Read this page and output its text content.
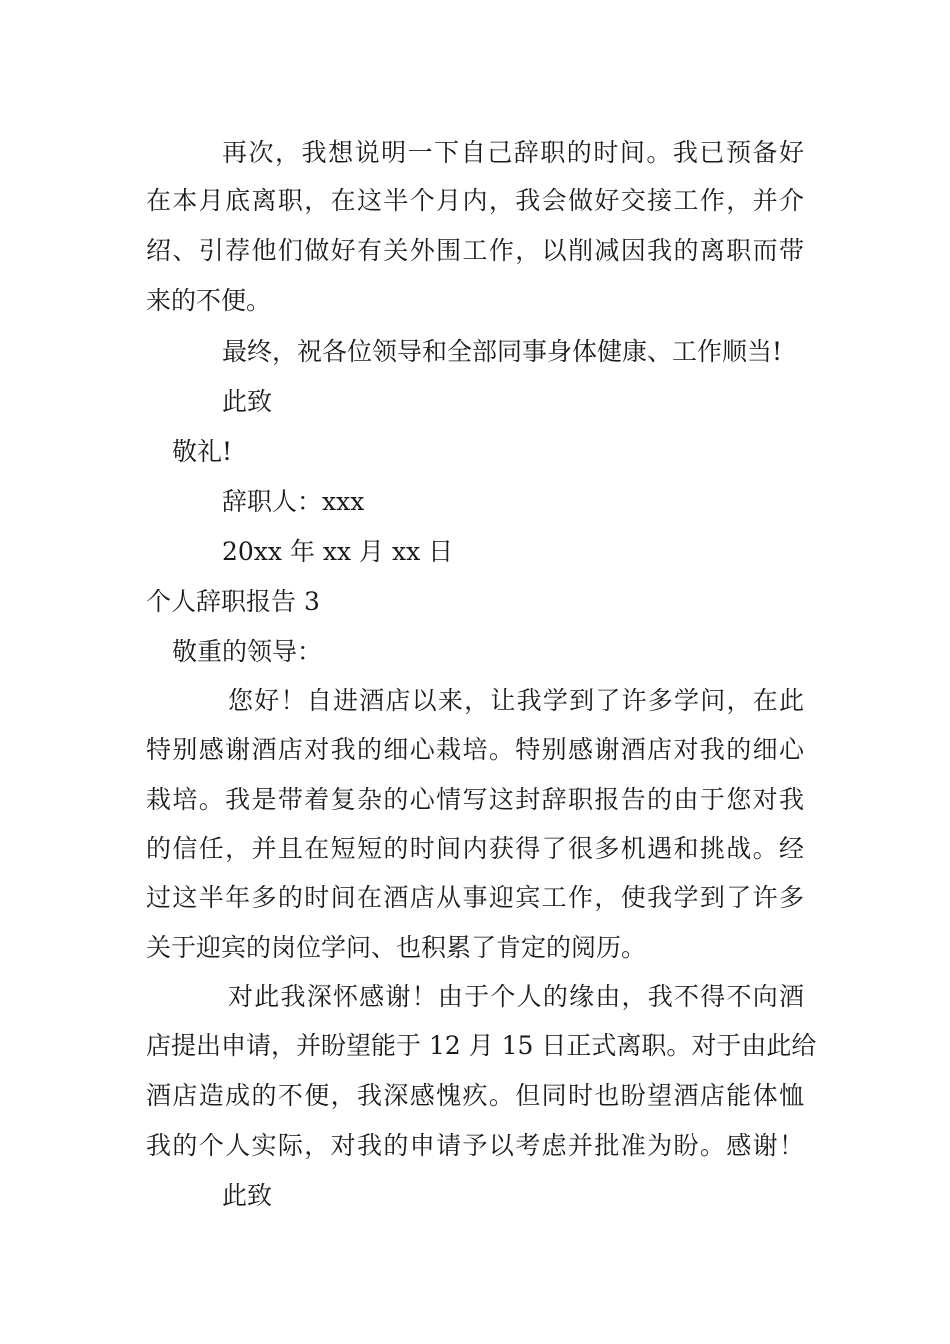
再次，我想说明一下自己辞职的时间。我已预备好
在本月底离职，在这半个月内，我会做好交接工作，并介
绍、引荐他们做好有关外围工作，以削减因我的离职而带
来的不便。
最终，祝各位领导和全部同事身体健康、工作顺当!
此致
敬礼!
辞职人：xxx
20xx 年 xx 月 xx 日
个人辞职报告 3
敬重的领导：
您好！自进酒店以来，让我学到了许多学问，在此
特别感谢酒店对我的细心栽培。特别感谢酒店对我的细心
栽培。我是带着复杂的心情写这封辞职报告的由于您对我
的信任，并且在短短的时间内获得了很多机遇和挑战。经
过这半年多的时间在酒店从事迎宾工作，使我学到了许多
关于迎宾的岗位学问、也积累了肯定的阅历。
对此我深怀感谢！由于个人的缘由，我不得不向酒
店提出申请，并盼望能于 12 月 15 日正式离职。对于由此给
酒店造成的不便，我深感愧疚。但同时也盼望酒店能体恤
我的个人实际，对我的申请予以考虑并批准为盼。感谢！
此致
